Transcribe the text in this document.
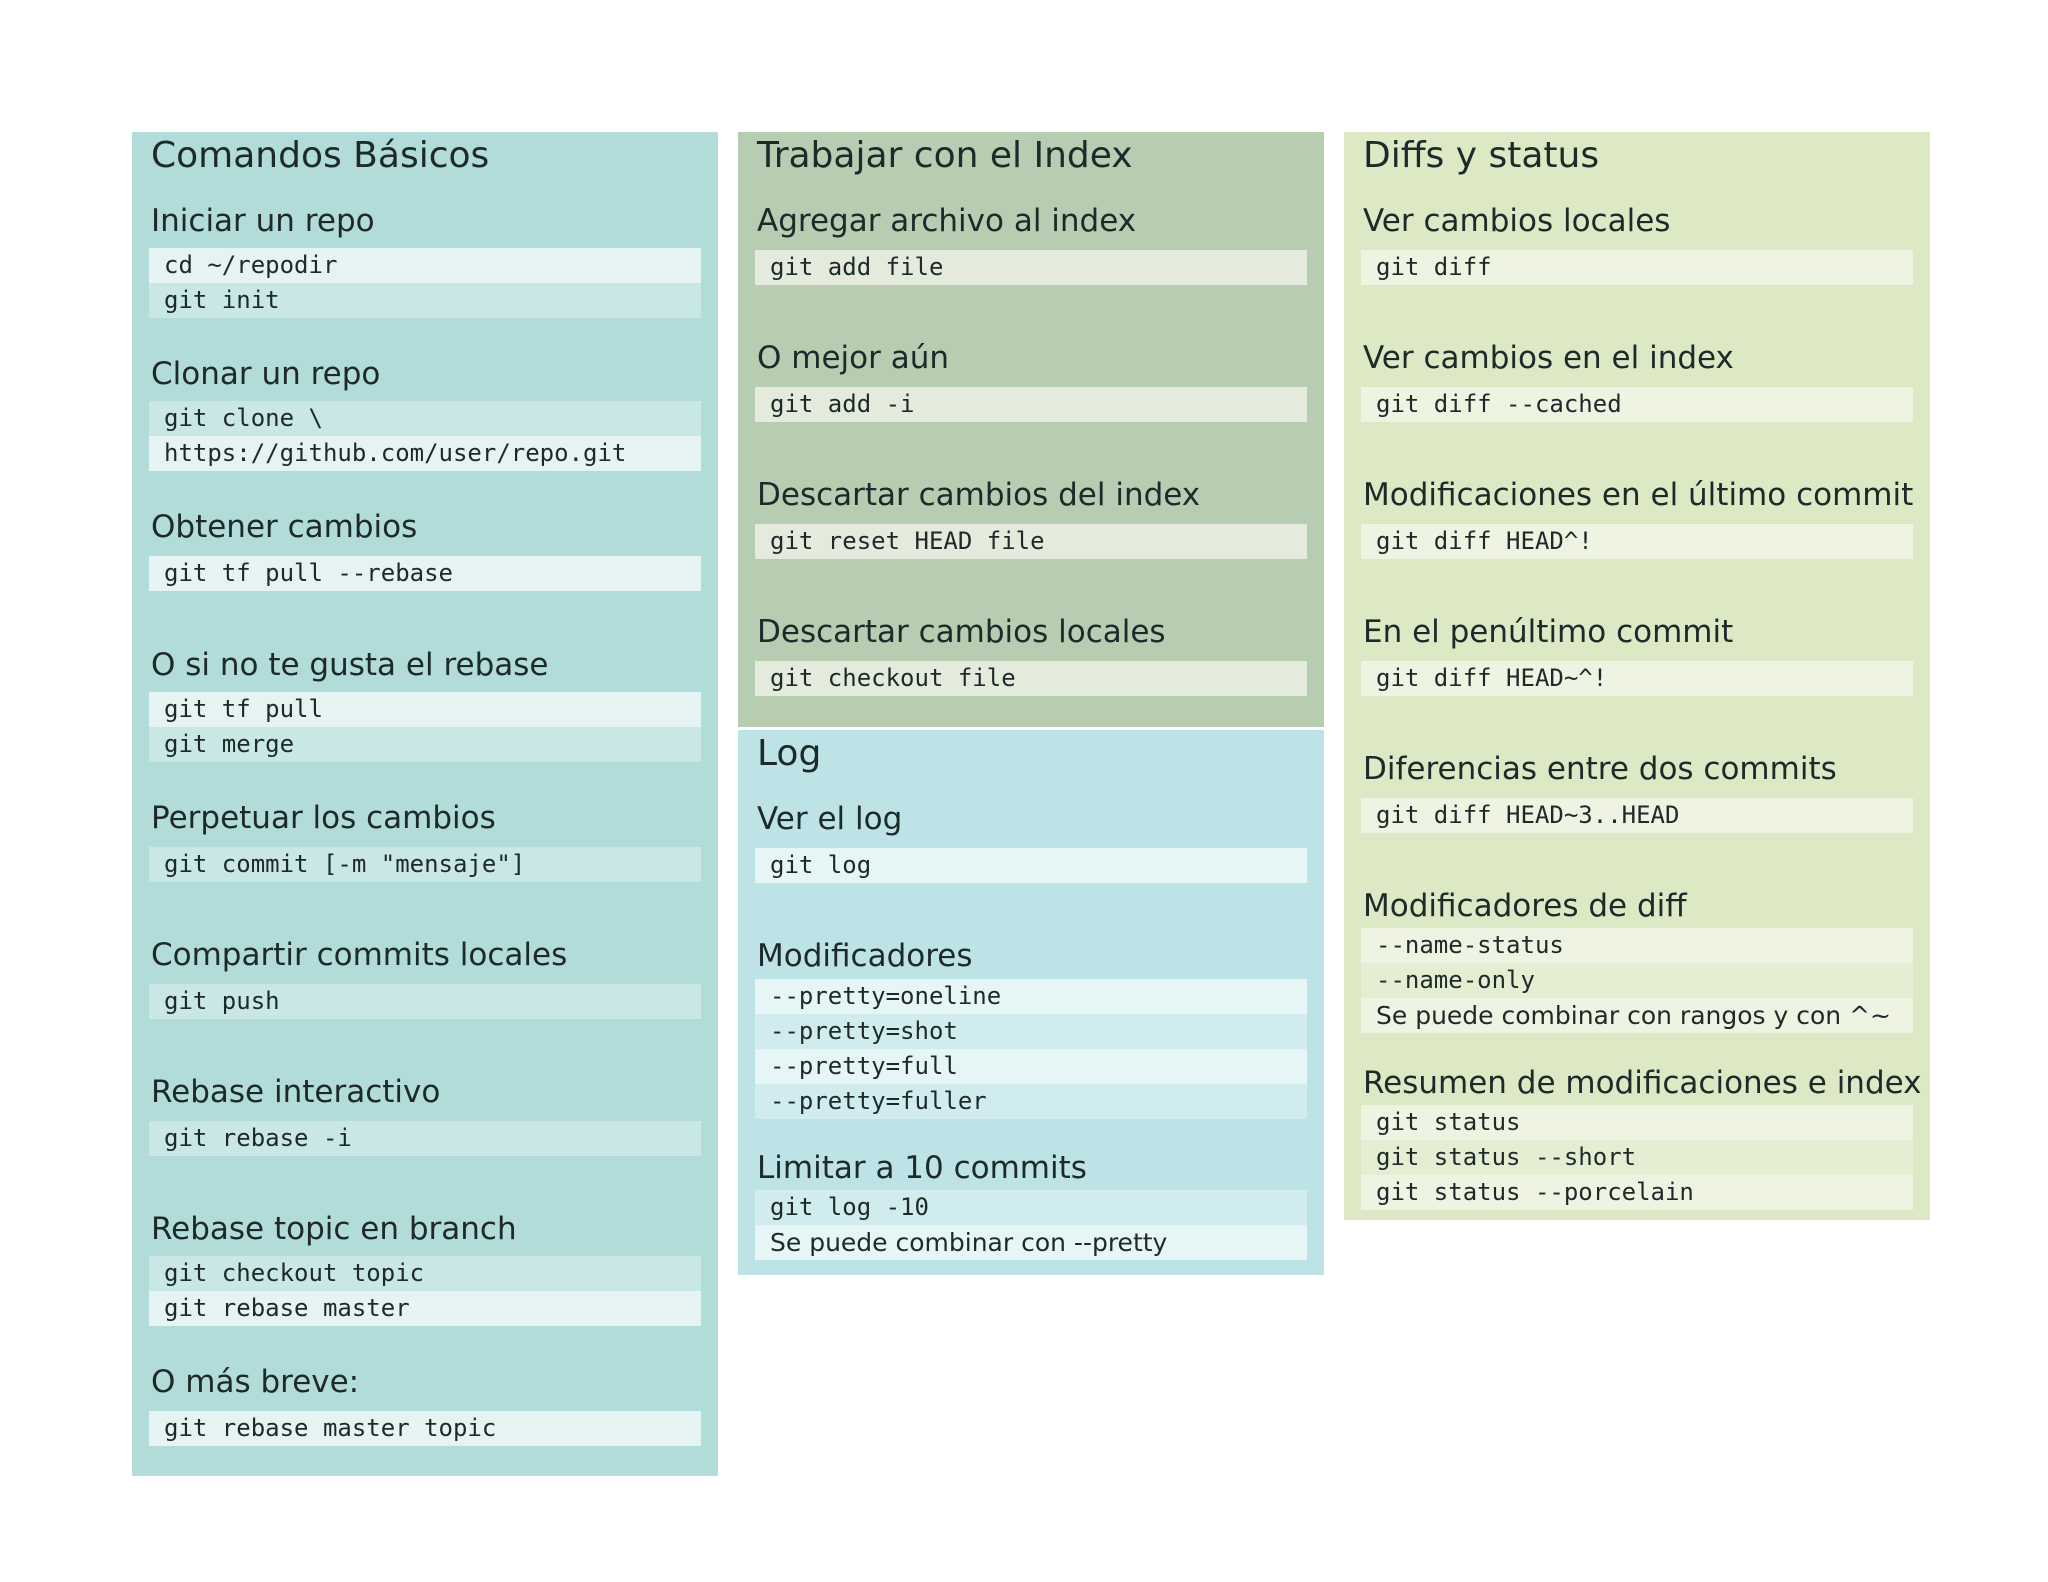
Comandos Básicos
Iniciar un repo
cd ~/repodir
git init
Clonar un repo
git clone \
https://github.com/user/repo.git
Obtener cambios
git tf pull --rebase
O si no te gusta el rebase
git tf pull
git merge
Perpetuar los cambios
git commit [-m "mensaje"]
Compartir commits locales
git push
Rebase interactivo
git rebase -i
Rebase topic en branch
git checkout topic
git rebase master
O más breve:
git rebase master topic
Trabajar con el Index
Agregar archivo al index
git add file
O mejor aún
git add -i
Descartar cambios del index
git reset HEAD file
Descartar cambios locales
git checkout file
Log
Ver el log
git log
Modificadores
--pretty=oneline
--pretty=shot
--pretty=full
--pretty=fuller
Limitar a 10 commits
git log -10
Se puede combinar con --pretty
Diffs y status
Ver cambios locales
git diff
Ver cambios en el index
git diff --cached
Modificaciones en el último commit
git diff HEAD^!
En el penúltimo commit
git diff HEAD~^!
Diferencias entre dos commits
git diff HEAD~3..HEAD
Modificadores de diff
--name-status
--name-only
Se puede combinar con rangos y con ^~
Resumen de modificaciones e index
git status
git status --short
git status --porcelain
